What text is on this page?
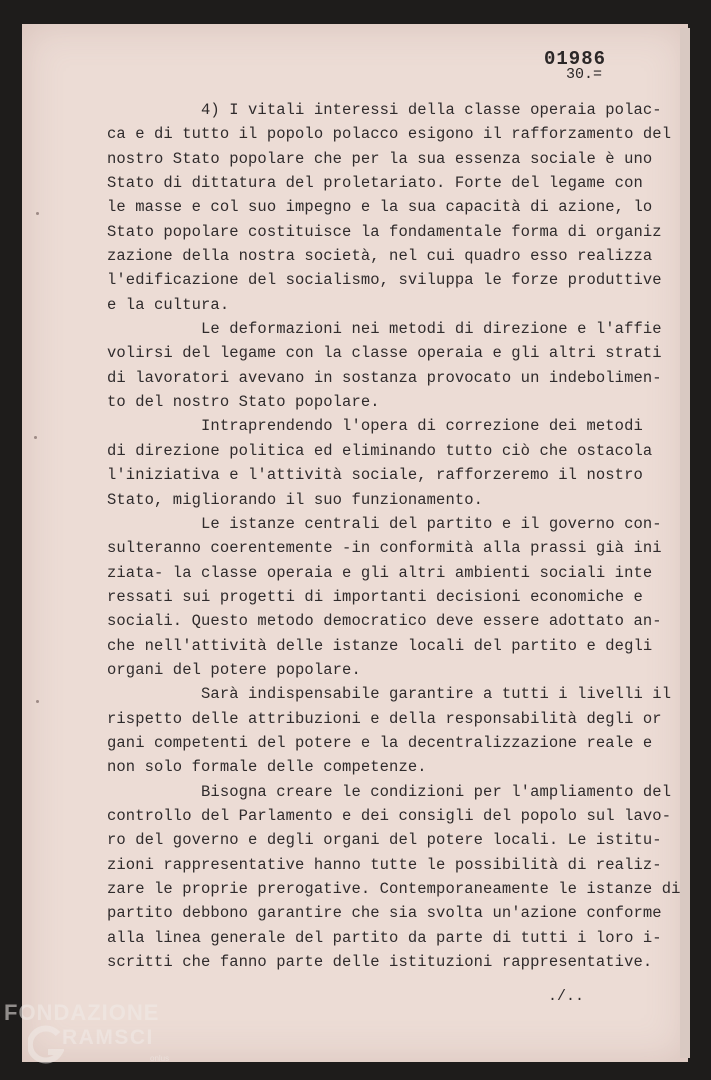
01986
30.=
4) I vitali interessi della classe operaia polac-
ca e di tutto il popolo polacco esigono il rafforzamento del
nostro Stato popolare che per la sua essenza sociale è uno
Stato di dittatura del proletariato. Forte del legame con
le masse e col suo impegno e la sua capacità di azione, lo
Stato popolare costituisce la fondamentale forma di organiz
zazione della nostra società, nel cui quadro esso realizza
l'edificazione del socialismo, sviluppa le forze produttive
e la cultura.
Le deformazioni nei metodi di direzione e l'affie
volirsi del legame con la classe operaia e gli altri strati
di lavoratori avevano in sostanza provocato un indebolimen-
to del nostro Stato popolare.
Intraprendendo l'opera di correzione dei metodi
di direzione politica ed eliminando tutto ciò che ostacola
l'iniziativa e l'attività sociale, rafforzeremo il nostro
Stato, migliorando il suo funzionamento.
Le istanze centrali del partito e il governo con-
sulteranno coerentemente -in conformità alla prassi già ini
ziata- la classe operaia e gli altri ambienti sociali inte
ressati sui progetti di importanti decisioni economiche e
sociali. Questo metodo democratico deve essere adottato an-
che nell'attività delle istanze locali del partito e degli
organi del potere popolare.
Sarà indispensabile garantire a tutti i livelli il
rispetto delle attribuzioni e della responsabilità degli or
gani competenti del potere e la decentralizzazione reale e
non solo formale delle competenze.
Bisogna creare le condizioni per l'ampliamento del
controllo del Parlamento e dei consigli del popolo sul lavo-
ro del governo e degli organi del potere locali. Le istitu-
zioni rappresentative hanno tutte le possibilità di realiz-
zare le proprie prerogative. Contemporaneamente le istanze di
partito debbono garantire che sia svolta un'azione conforme
alla linea generale del partito da parte di tutti i loro i-
scritti che fanno parte delle istituzioni rappresentative.
./..
FONDAZIONE
RAMSCI
onlus
